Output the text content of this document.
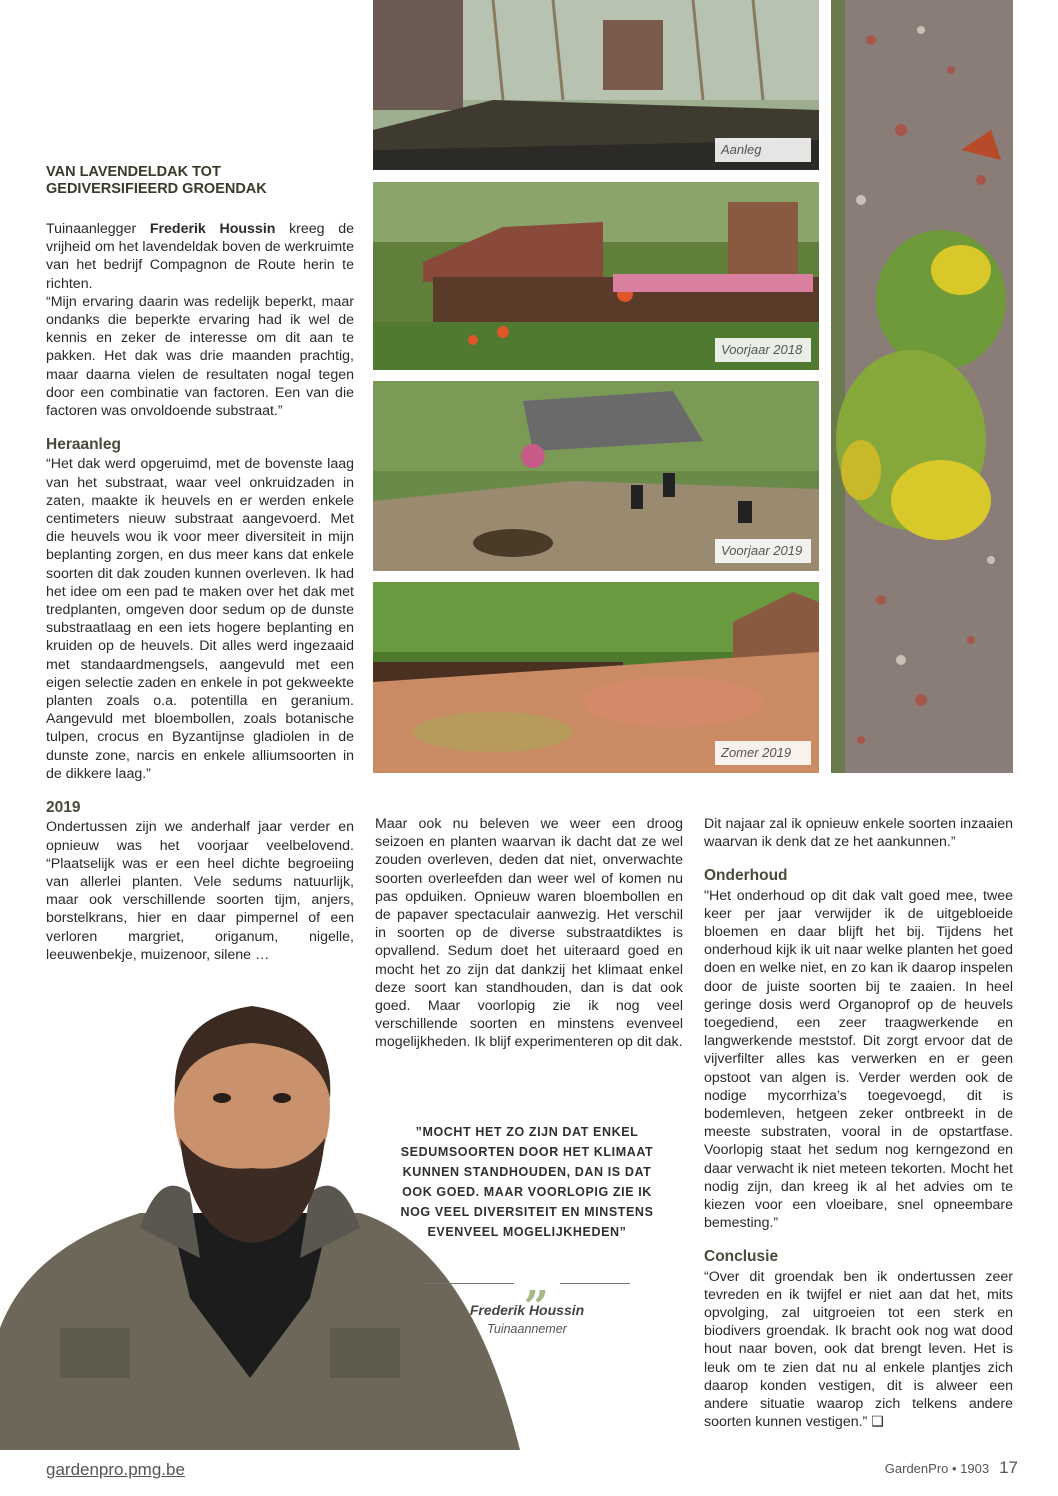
VAN LAVENDELDAK TOT
GEDIVERSIFIEERD GROENDAK

Tuinaanlegger Frederik Houssin kreeg de vrijheid om het lavendeldak boven de werkruimte van het bedrijf Compagnon de Route herin te richten.

“Mijn ervaring daarin was redelijk beperkt, maar ondanks die beperkte ervaring had ik wel de kennis en zeker de interesse om dit aan te pakken. Het dak was drie maanden prachtig, maar daarna vielen de resultaten nogal tegen door een combinatie van factoren. Een van die factoren was onvoldoende substraat.”

Heraanleg

“Het dak werd opgeruimd, met de bovenste laag van het substraat, waar veel onkruidzaden in zaten, maakte ik heuvels en er werden enkele centimeters nieuw substraat aangevoerd. Met die heuvels wou ik voor meer diversiteit in mijn beplanting zorgen, en dus meer kans dat enkele soorten dit dak zouden kunnen overleven. Ik had het idee om een pad te maken over het dak met tredplanten, omgeven door sedum op de dunste substraatlaag en een iets hogere beplanting en kruiden op de heuvels. Dit alles werd ingezaaid met standaardmengsels, aangevuld met een eigen selectie zaden en enkele in pot gekweekte planten zoals o.a. potentilla en geranium. Aangevuld met bloembollen, zoals botanische tulpen, crocus en Byzantijnse gladiolen in de dunste zone, narcis en enkele alliumsoorten in de dikkere laag.”

2019

Ondertussen zijn we anderhalf jaar verder en opnieuw was het voorjaar veelbelovend. “Plaatselijk was er een heel dichte begroeiing van allerlei planten. Vele sedums natuurlijk, maar ook verschillende soorten tijm, anjers, borstelkrans, hier en daar pimpernel of een verloren margriet, origanum, nigelle, leeuwenbekje, muizenoor, silene …

Aanleg
Voorjaar 2018
Voorjaar 2019
Zomer 2019

Maar ook nu beleven we weer een droog seizoen en planten waarvan ik dacht dat ze wel zouden overleven, deden dat niet, onverwachte soorten overleefden dan weer wel of komen nu pas opduiken. Opnieuw waren bloembollen en de papaver spectaculair aanwezig. Het verschil in soorten op de diverse substraatdiktes is opvallend. Sedum doet het uiteraard goed en mocht het zo zijn dat dankzij het klimaat enkel deze soort kan standhouden, dan is dat ook goed. Maar voorlopig zie ik nog veel verschillende soorten en minstens evenveel mogelijkheden. Ik blijf experimenteren op dit dak.

Dit najaar zal ik opnieuw enkele soorten inzaaien waarvan ik denk dat ze het aankunnen.”

Onderhoud

"Het onderhoud op dit dak valt goed mee, twee keer per jaar verwijder ik de uitgebloeide bloemen en daar blijft het bij. Tijdens het onderhoud kijk ik uit naar welke planten het goed doen en welke niet, en zo kan ik daarop inspelen door de juiste soorten bij te zaaien. In heel geringe dosis werd Organoprof op de heuvels toegediend, een zeer traagwerkende en langwerkende meststof. Dit zorgt ervoor dat de vijverfilter alles kas verwerken en er geen opstoot van algen is. Verder werden ook de nodige mycorrhiza’s toegevoegd, dit is bodemleven, hetgeen zeker ontbreekt in de meeste substraten, vooral in de opstartfase. Voorlopig staat het sedum nog kerngezond en daar verwacht ik niet meteen tekorten. Mocht het nodig zijn, dan kreeg ik al het advies om te kiezen voor een vloeibare, snel opneembare bemesting.”

Conclusie

“Over dit groendak ben ik ondertussen zeer tevreden en ik twijfel er niet aan dat het, mits opvolging, zal uitgroeien tot een sterk en biodivers groendak. Ik bracht ook nog wat dood hout naar boven, ook dat brengt leven. Het is leuk om te zien dat nu al enkele plantjes zich daarop konden vestigen, dit is alweer een andere situatie waarop zich telkens andere soorten kunnen vestigen.” ❑

”MOCHT HET ZO ZIJN DAT ENKEL SEDUMSOORTEN DOOR HET KLIMAAT KUNNEN STANDHOUDEN, DAN IS DAT OOK GOED. MAAR VOORLOPIG ZIE IK NOG VEEL DIVERSITEIT EN MINSTENS EVENVEEL MOGELIJKHEDEN”
„
Frederik Houssin
Tuinaannemer
gardenpro.pmg.be	GardenPro • 1903 17
